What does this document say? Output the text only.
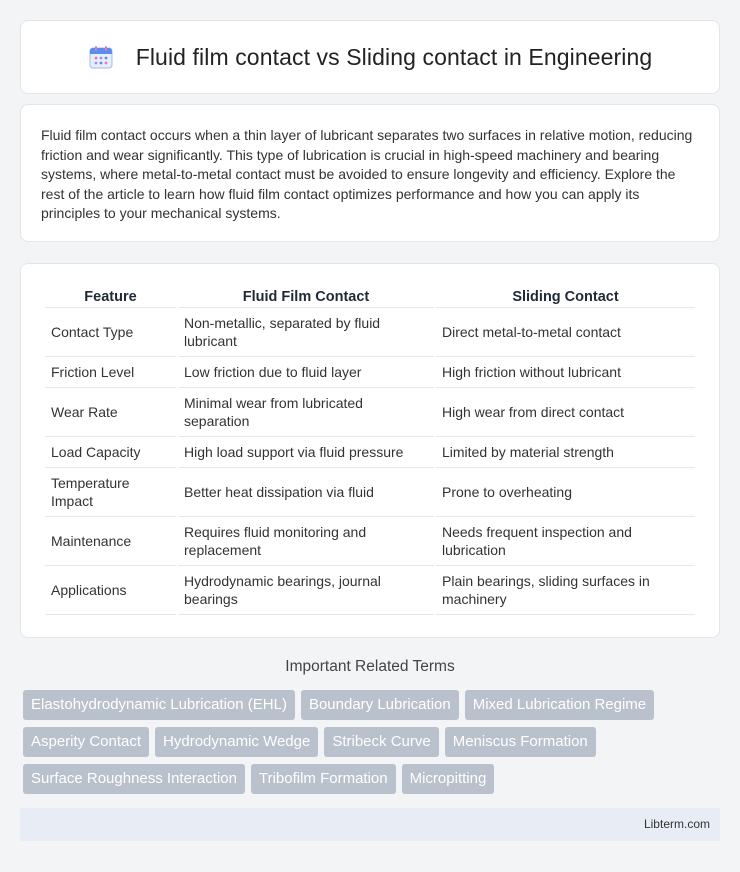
Fluid film contact vs Sliding contact in Engineering

Fluid film contact occurs when a thin layer of lubricant separates two surfaces in relative motion, reducing friction and wear significantly. This type of lubrication is crucial in high-speed machinery and bearing systems, where metal-to-metal contact must be avoided to ensure longevity and efficiency. Explore the rest of the article to learn how fluid film contact optimizes performance and how you can apply its principles to your mechanical systems.

Feature	Fluid Film Contact	Sliding Contact
Contact Type	Non-metallic, separated by fluid lubricant	Direct metal-to-metal contact
Friction Level	Low friction due to fluid layer	High friction without lubricant
Wear Rate	Minimal wear from lubricated separation	High wear from direct contact
Load Capacity	High load support via fluid pressure	Limited by material strength
Temperature Impact	Better heat dissipation via fluid	Prone to overheating
Maintenance	Requires fluid monitoring and replacement	Needs frequent inspection and lubrication
Applications	Hydrodynamic bearings, journal bearings	Plain bearings, sliding surfaces in machinery
Important Related Terms
Elastohydrodynamic Lubrication (EHL)	Boundary Lubrication	Mixed Lubrication Regime
Asperity Contact	Hydrodynamic Wedge	Stribeck Curve	Meniscus Formation
Surface Roughness Interaction	Tribofilm Formation	Micropitting
Libterm.com
